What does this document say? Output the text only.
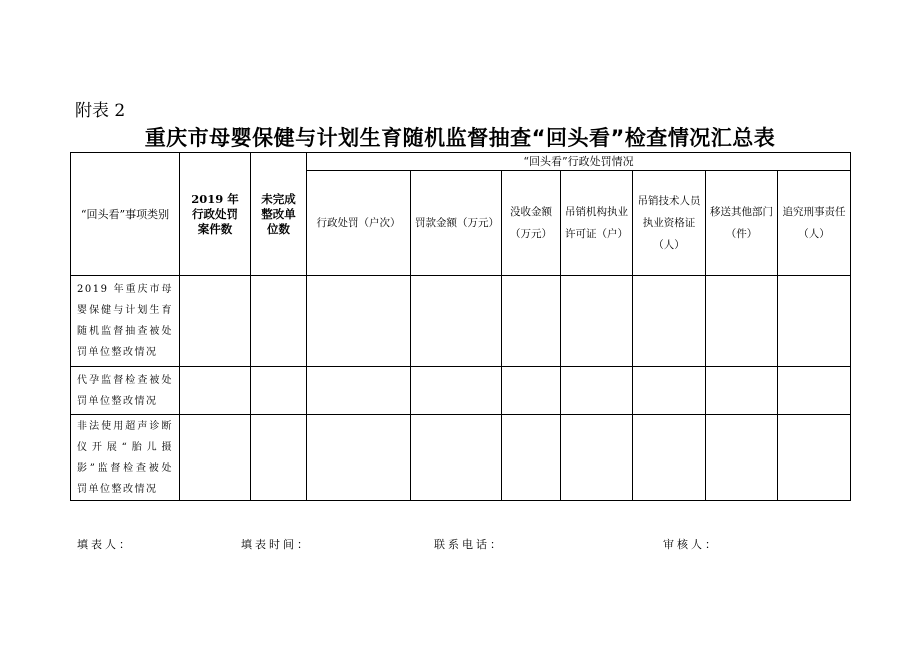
附表 2
重庆市母婴保健与计划生育随机监督抽查“回头看”检查情况汇总表
“回头看”事项类别	2019 年行政处罚案件数	未完成整改单位数	“回头看”行政处罚情况						
			行政处罚（户次）	罚款金额（万元）	没收金额（万元）	吊销机构执业许可证（户）	吊销技术人员执业资格证（人）	移送其他部门（件）	追究刑事责任（人）
2019 年重庆市母婴保健与计划生育随机监督抽查被处罚单位整改情况									
代孕监督检查被处罚单位整改情况									
非法使用超声诊断仪开展“胎儿摄影”监督检查被处罚单位整改情况									
填表人：	填表时间：	联系电话：	审核人：
